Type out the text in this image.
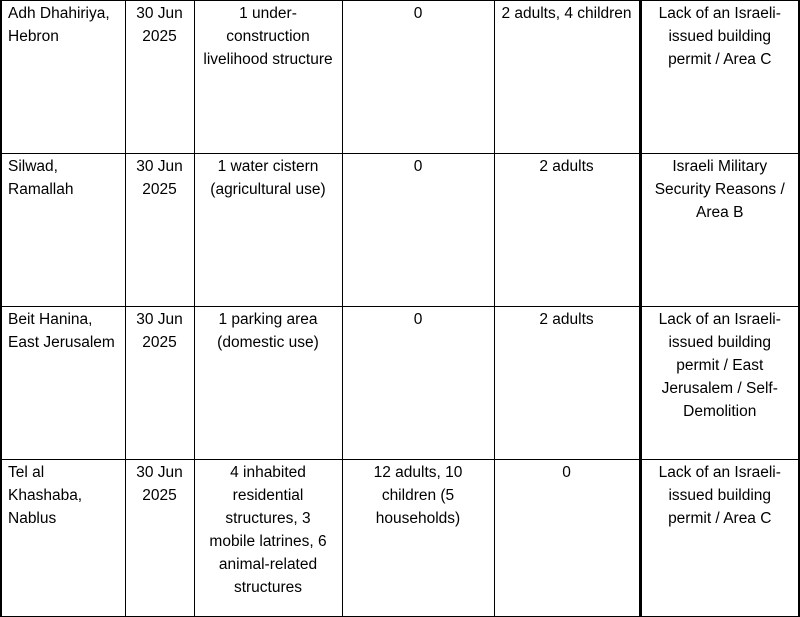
Adh Dhahiriya, Hebron	30 Jun 2025	1 under-construction livelihood structure	0	2 adults, 4 children	Lack of an Israeli-issued building permit / Area C
Silwad, Ramallah	30 Jun 2025	1 water cistern (agricultural use)	0	2 adults	Israeli Military Security Reasons / Area B
Beit Hanina, East Jerusalem	30 Jun 2025	1 parking area (domestic use)	0	2 adults	Lack of an Israeli-issued building permit / East Jerusalem / Self-Demolition
Tel al Khashaba, Nablus	30 Jun 2025	4 inhabited residential structures, 3 mobile latrines, 6 animal-related structures	12 adults, 10 children (5 households)	0	Lack of an Israeli-issued building permit / Area C
